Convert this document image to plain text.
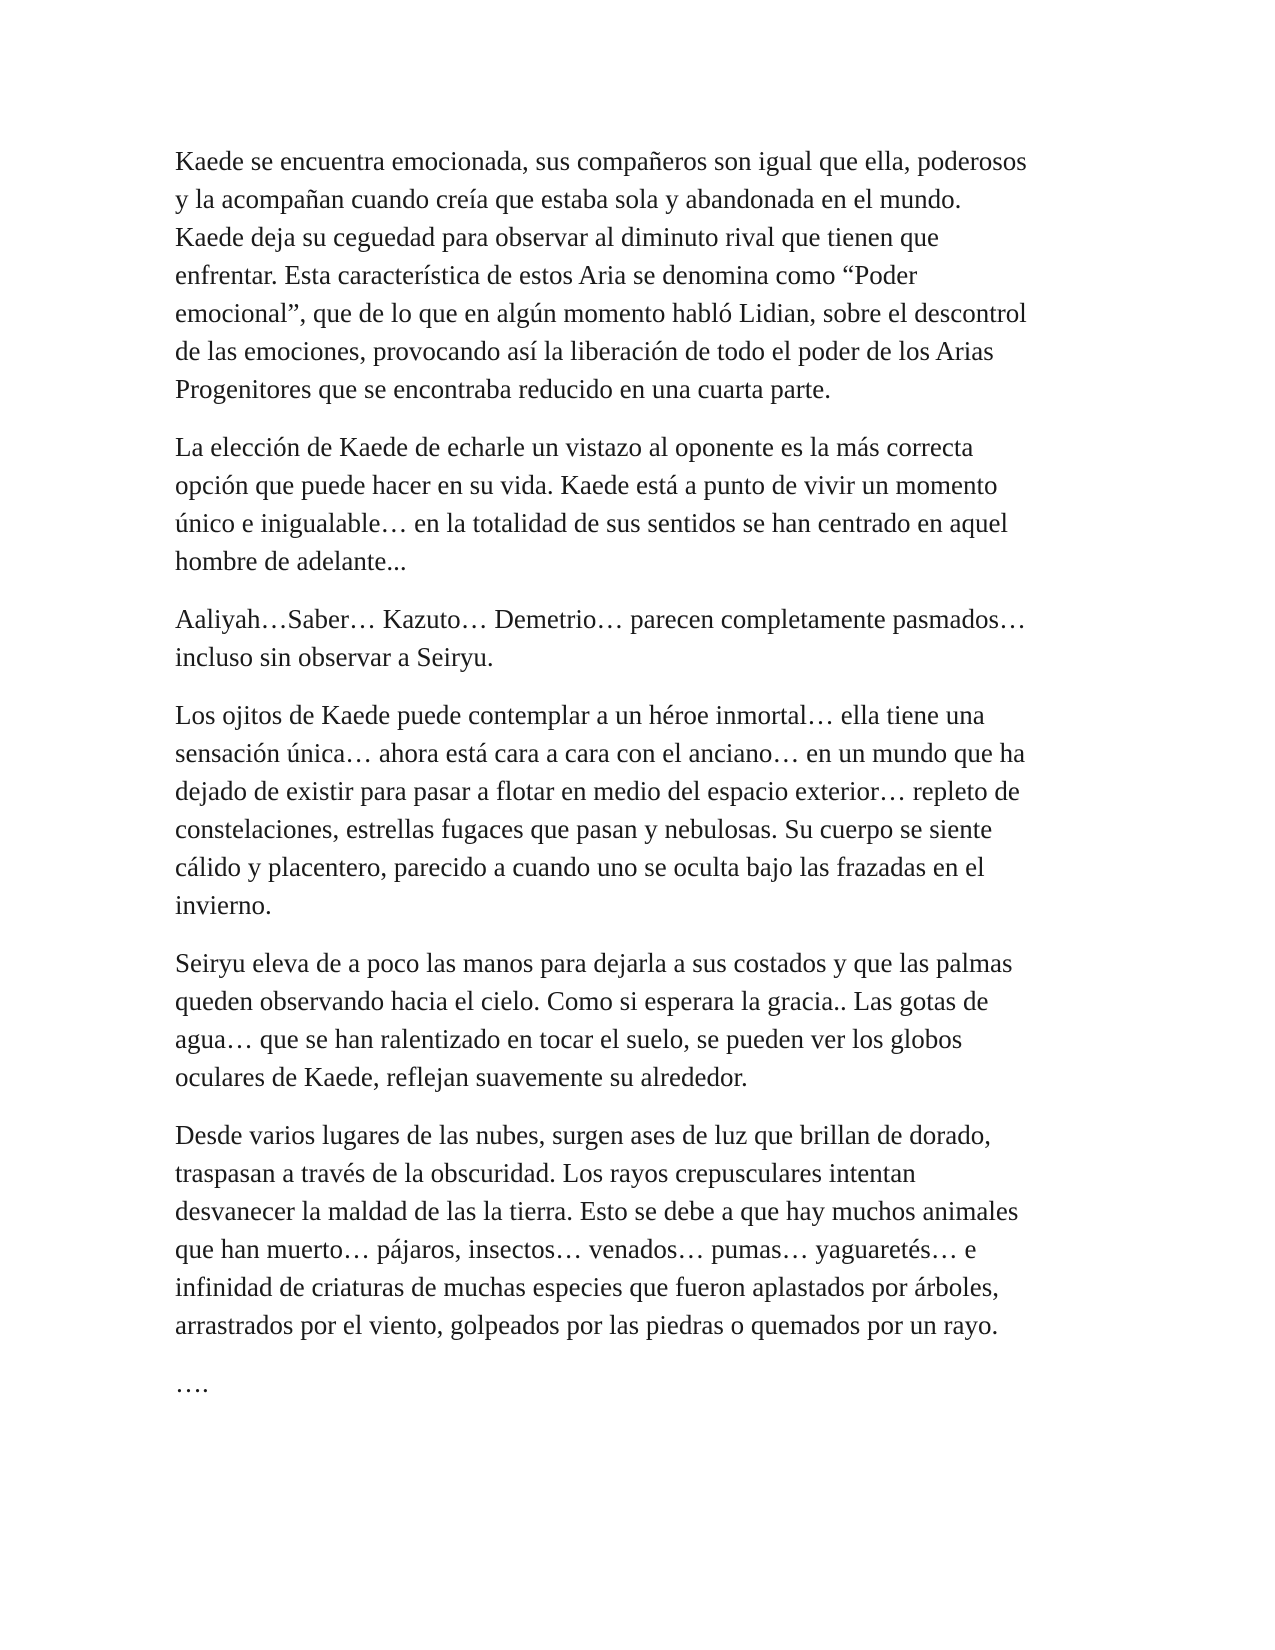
Kaede se encuentra emocionada, sus compañeros son igual que ella, poderosos
y la acompañan cuando creía que estaba sola y abandonada en el mundo.
Kaede deja su ceguedad para observar al diminuto rival que tienen que
enfrentar. Esta característica de estos Aria se denomina como “Poder
emocional”, que de lo que en algún momento habló Lidian, sobre el descontrol
de las emociones, provocando así la liberación de todo el poder de los Arias
Progenitores que se encontraba reducido en una cuarta parte.

La elección de Kaede de echarle un vistazo al oponente es la más correcta
opción que puede hacer en su vida. Kaede está a punto de vivir un momento
único e inigualable… en la totalidad de sus sentidos se han centrado en aquel
hombre de adelante...

Aaliyah…Saber… Kazuto… Demetrio… parecen completamente pasmados…
incluso sin observar a Seiryu.

Los ojitos de Kaede puede contemplar a un héroe inmortal… ella tiene una
sensación única… ahora está cara a cara con el anciano… en un mundo que ha
dejado de existir para pasar a flotar en medio del espacio exterior… repleto de
constelaciones, estrellas fugaces que pasan y nebulosas. Su cuerpo se siente
cálido y placentero, parecido a cuando uno se oculta bajo las frazadas en el
invierno.

Seiryu eleva de a poco las manos para dejarla a sus costados y que las palmas
queden observando hacia el cielo. Como si esperara la gracia.. Las gotas de
agua… que se han ralentizado en tocar el suelo, se pueden ver los globos
oculares de Kaede, reflejan suavemente su alrededor.

Desde varios lugares de las nubes, surgen ases de luz que brillan de dorado,
traspasan a través de la obscuridad. Los rayos crepusculares intentan
desvanecer la maldad de las la tierra. Esto se debe a que hay muchos animales
que han muerto… pájaros, insectos… venados… pumas… yaguaretés… e
infinidad de criaturas de muchas especies que fueron aplastados por árboles,
arrastrados por el viento, golpeados por las piedras o quemados por un rayo.

….
